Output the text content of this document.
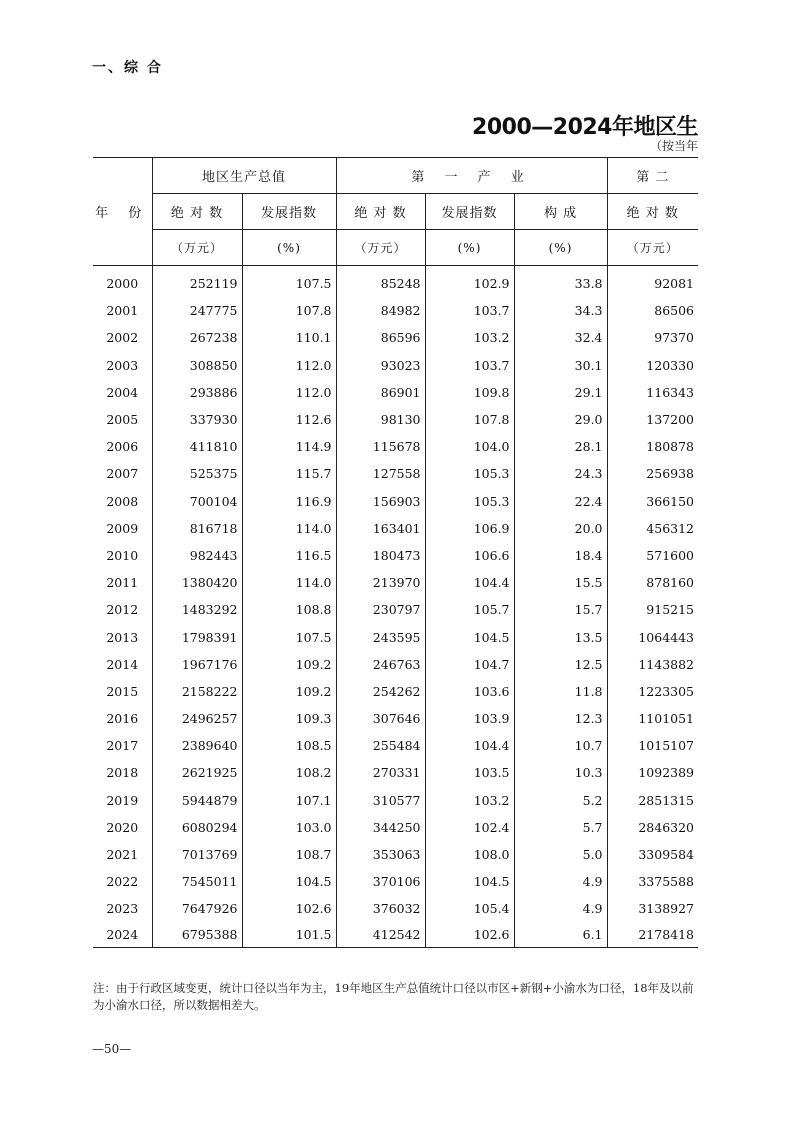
一、综 合
2000—2024年地区生
（按当年
年 份	地区生产总值		第 一 产 业			第 二
	绝 对 数	发展指数	绝 对 数	发展指数	构 成	绝 对 数
	（万元）	(%)	（万元）	(%)	(%)	（万元）
2000	252119	107.5	85248	102.9	33.8	92081
2001	247775	107.8	84982	103.7	34.3	86506
2002	267238	110.1	86596	103.2	32.4	97370
2003	308850	112.0	93023	103.7	30.1	120330
2004	293886	112.0	86901	109.8	29.1	116343
2005	337930	112.6	98130	107.8	29.0	137200
2006	411810	114.9	115678	104.0	28.1	180878
2007	525375	115.7	127558	105.3	24.3	256938
2008	700104	116.9	156903	105.3	22.4	366150
2009	816718	114.0	163401	106.9	20.0	456312
2010	982443	116.5	180473	106.6	18.4	571600
2011	1380420	114.0	213970	104.4	15.5	878160
2012	1483292	108.8	230797	105.7	15.7	915215
2013	1798391	107.5	243595	104.5	13.5	1064443
2014	1967176	109.2	246763	104.7	12.5	1143882
2015	2158222	109.2	254262	103.6	11.8	1223305
2016	2496257	109.3	307646	103.9	12.3	1101051
2017	2389640	108.5	255484	104.4	10.7	1015107
2018	2621925	108.2	270331	103.5	10.3	1092389
2019	5944879	107.1	310577	103.2	5.2	2851315
2020	6080294	103.0	344250	102.4	5.7	2846320
2021	7013769	108.7	353063	108.0	5.0	3309584
2022	7545011	104.5	370106	104.5	4.9	3375588
2023	7647926	102.6	376032	105.4	4.9	3138927
2024	6795388	101.5	412542	102.6	6.1	2178418
注：由于行政区域变更，统计口径以当年为主，19年地区生产总值统计口径以市区+新钢+小渝水为口径，18年及以前为小渝水口径，所以数据相差大。
—50—
